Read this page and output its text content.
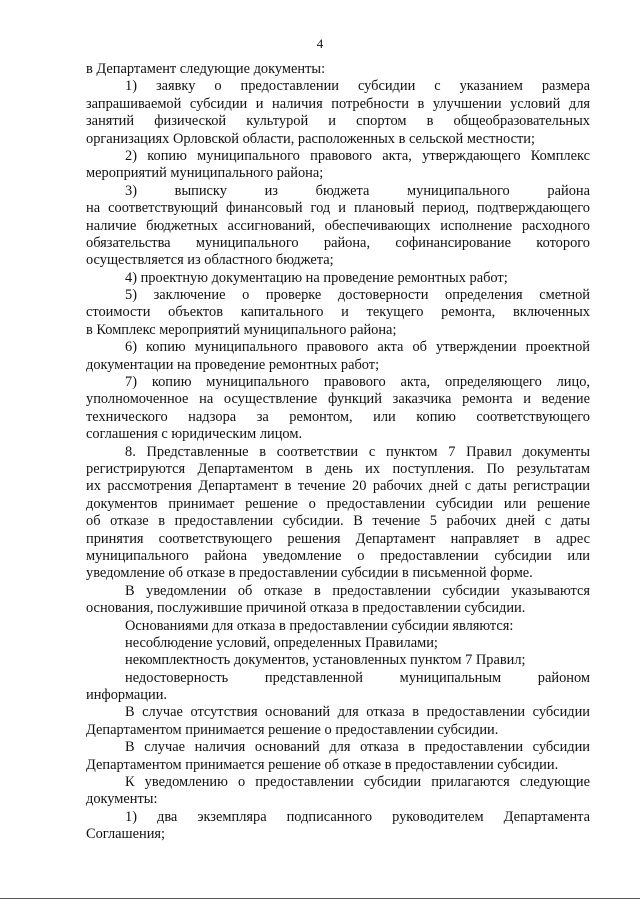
4
в Департамент следующие документы:
1) заявку о предоставлении субсидии с указанием размера
запрашиваемой субсидии и наличия потребности в улучшении условий для
занятий физической культурой и спортом в общеобразовательных
организациях Орловской области, расположенных в сельской местности;
2) копию муниципального правового акта, утверждающего Комплекс
мероприятий муниципального района;
3) выписку из бюджета муниципального района
на соответствующий финансовый год и плановый период, подтверждающего
наличие бюджетных ассигнований, обеспечивающих исполнение расходного
обязательства муниципального района, софинансирование которого
осуществляется из областного бюджета;
4) проектную документацию на проведение ремонтных работ;
5) заключение о проверке достоверности определения сметной
стоимости объектов капитального и текущего ремонта, включенных
в Комплекс мероприятий муниципального района;
6) копию муниципального правового акта об утверждении проектной
документации на проведение ремонтных работ;
7) копию муниципального правового акта, определяющего лицо,
уполномоченное на осуществление функций заказчика ремонта и ведение
технического надзора за ремонтом, или копию соответствующего
соглашения с юридическим лицом.
8. Представленные в соответствии с пунктом 7 Правил документы
регистрируются Департаментом в день их поступления. По результатам
их рассмотрения Департамент в течение 20 рабочих дней с даты регистрации
документов принимает решение о предоставлении субсидии или решение
об отказе в предоставлении субсидии. В течение 5 рабочих дней с даты
принятия соответствующего решения Департамент направляет в адрес
муниципального района уведомление о предоставлении субсидии или
уведомление об отказе в предоставлении субсидии в письменной форме.
В уведомлении об отказе в предоставлении субсидии указываются
основания, послужившие причиной отказа в предоставлении субсидии.
Основаниями для отказа в предоставлении субсидии являются:
несоблюдение условий, определенных Правилами;
некомплектность документов, установленных пунктом 7 Правил;
недостоверность представленной муниципальным районом
информации.
В случае отсутствия оснований для отказа в предоставлении субсидии
Департаментом принимается решение о предоставлении субсидии.
В случае наличия оснований для отказа в предоставлении субсидии
Департаментом принимается решение об отказе в предоставлении субсидии.
К уведомлению о предоставлении субсидии прилагаются следующие
документы:
1) два экземпляра подписанного руководителем Департамента
Соглашения;
